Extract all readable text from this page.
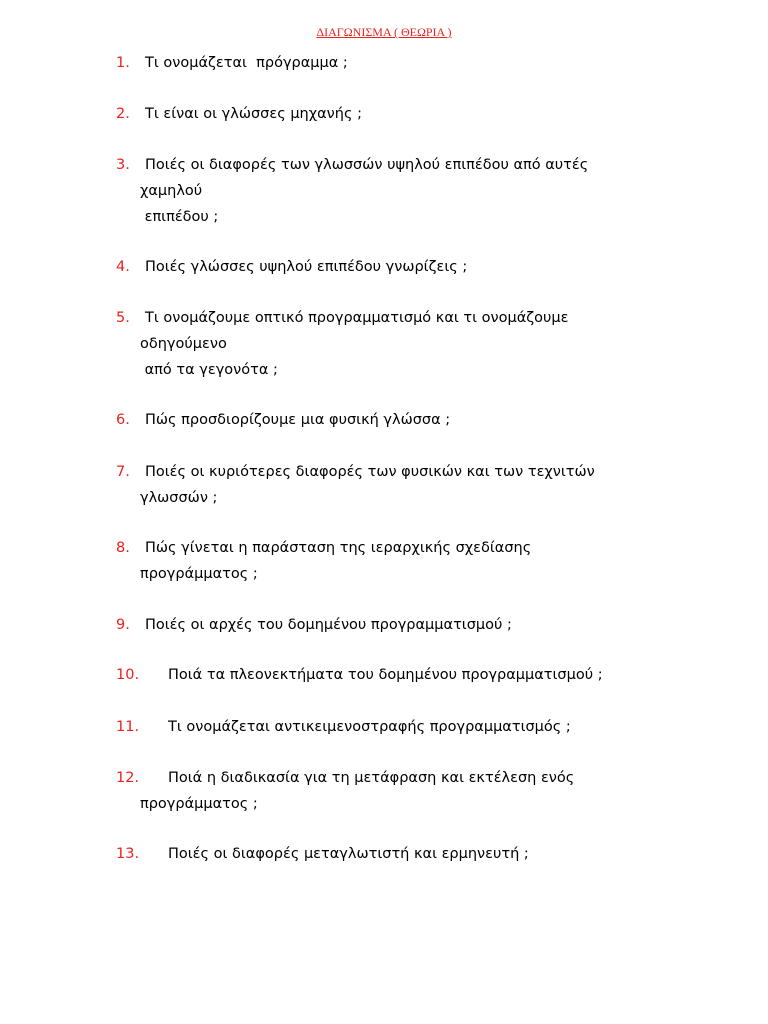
ΔΙΑΓΩΝΙΣΜΑ ( ΘΕΩΡΙΑ )
1.	Τι ονομάζεται  πρόγραμμα ;
2.	Τι είναι οι γλώσσες μηχανής ;
3.	Ποιές οι διαφορές των γλωσσών υψηλού επιπέδου από αυτές
χαμηλού
επιπέδου ;
4.	Ποιές γλώσσες υψηλού επιπέδου γνωρίζεις ;
5.	Τι ονομάζουμε οπτικό προγραμματισμό και τι ονομάζουμε
οδηγούμενο
από τα γεγονότα ;
6.	Πώς προσδιορίζουμε μια φυσική γλώσσα ;
7.	Ποιές οι κυριότερες διαφορές των φυσικών και των τεχνιτών
γλωσσών ;
8.	Πώς γίνεται η παράσταση της ιεραρχικής σχεδίασης
προγράμματος ;
9.	Ποιές οι αρχές του δομημένου προγραμματισμού ;
10.	Ποιά τα πλεονεκτήματα του δομημένου προγραμματισμού ;
11.	Τι ονομάζεται αντικειμενοστραφής προγραμματισμός ;
12.	Ποιά η διαδικασία για τη μετάφραση και εκτέλεση ενός
προγράμματος ;
13.	Ποιές οι διαφορές μεταγλωτιστή και ερμηνευτή ;
